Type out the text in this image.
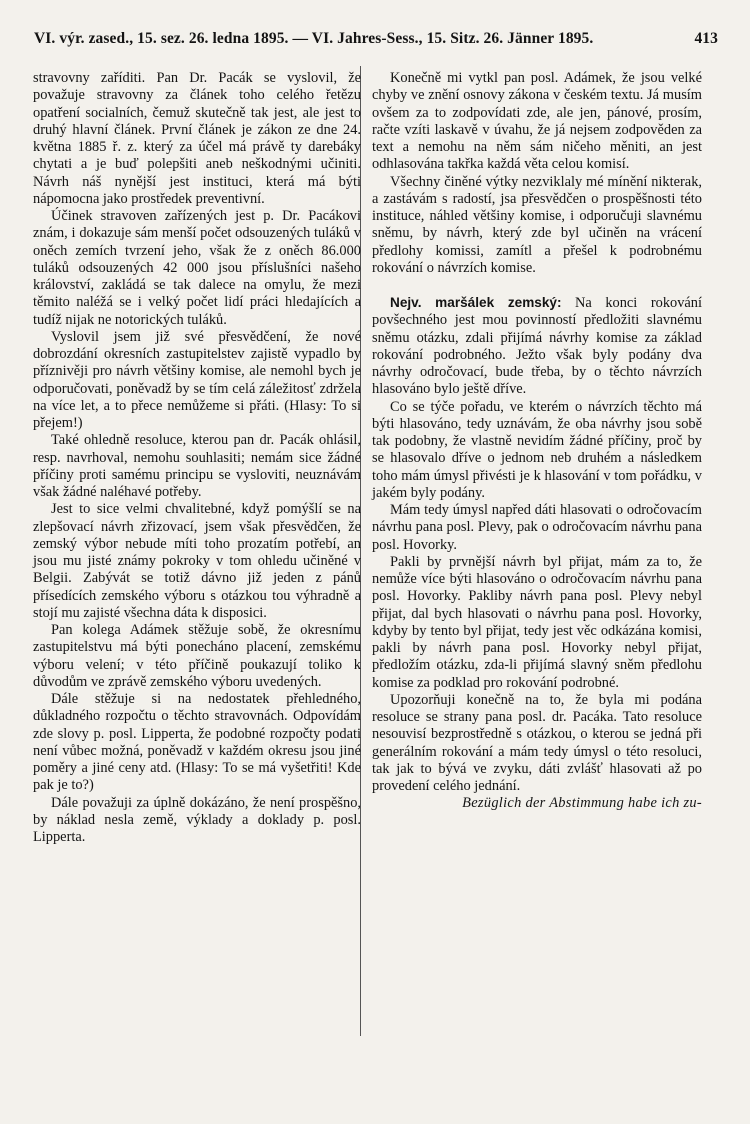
VI. výr. zased., 15. sez. 26. ledna 1895. — VI. Jahres-Sess., 15. Sitz. 26. Jänner 1895.	413

stravovny zaříditi. Pan Dr. Pacák se vyslovil, že považuje stravovny za článek toho celého řetězu opatření socialních, čemuž skutečně tak jest, ale jest to druhý hlavní článek. První článek je zákon ze dne 24. května 1885 ř. z. který za účel má právě ty darebáky chytati a je buď polepšiti aneb neškodnými učiniti. Návrh náš nynější jest instituci, která má býti nápomocna jako prostředek preventivní.

Účinek stravoven zařízených jest p. Dr. Pacákovi znám, i dokazuje sám menší počet odsouzených tuláků v oněch zemích tvrzení jeho, však že z oněch 86.000 tuláků odsouzených 42 000 jsou příslušníci našeho království, zakládá se tak dalece na omylu, že mezi těmito naléžá se i velký počet lidí práci hledajících a tudíž nijak ne notorických tuláků.

Vyslovil jsem již své přesvědčení, že nové dobrozdání okresních zastupitelstev zajistě vypadlo by příznivěji pro návrh většiny komise, ale nemohl bych je odporučovati, poněvadž by se tím celá záležitosť zdržela na více let, a to přece nemůžeme si přáti. (Hlasy: To si přejem!)

Také ohledně resoluce, kterou pan dr. Pacák ohlásil, resp. navrhoval, nemohu souhlasiti; nemám sice žádné příčiny proti samému principu se vysloviti, neuznávám však žádné naléhavé potřeby.

Jest to sice velmi chvalitebné, když pomýšlí se na zlepšovací návrh zřizovací, jsem však přesvědčen, že zemský výbor nebude míti toho prozatím potřebí, an jsou mu jisté známy pokroky v tom ohledu učiněné v Belgii. Zabývát se totiž dávno již jeden z pánů přísedících zemského výboru s otázkou tou výhradně a stojí mu zajisté všechna dáta k disposici.

Pan kolega Adámek stěžuje sobě, že okresnímu zastupitelstvu má býti ponecháno placení, zemskému výboru velení; v této příčině poukazují toliko k důvodům ve zprávě zemského výboru uvedených.

Dále stěžuje si na nedostatek přehledného, důkladného rozpočtu o těchto stravovnách. Odpovídám zde slovy p. posl. Lipperta, že podobné rozpočty podati není vůbec možná, poněvadž v každém okresu jsou jiné poměry a jiné ceny atd. (Hlasy: To se má vyšetřiti! Kde pak je to?)

Dále považuji za úplně dokázáno, že není prospěšno, by náklad nesla země, výklady a doklady p. posl. Lipperta.

Konečně mi vytkl pan posl. Adámek, že jsou velké chyby ve znění osnovy zákona v českém textu. Já musím ovšem za to zodpovídati zde, ale jen, pánové, prosím, račte vzíti laskavě v úvahu, že já nejsem zodpověden za text a nemohu na něm sám ničeho měniti, an jest odhlasována takřka každá věta celou komisí.

Všechny činěné výtky nezviklaly mé mínění nikterak, a zastávám s radostí, jsa přesvědčen o prospěšnosti této instituce, náhled většiny komise, i odporučuji slavnému sněmu, by návrh, který zde byl učiněn na vrácení předlohy komissi, zamítl a přešel k podrobnému rokování o návrzích komise.

Nejv. maršálek zemský: Na konci rokování povšechného jest mou povinností předložiti slavnému sněmu otázku, zdali přijímá návrhy komise za základ rokování podrobného. Ježto však byly podány dva návrhy odročovací, bude třeba, by o těchto návrzích hlasováno bylo ještě dříve.

Co se týče pořadu, ve kterém o návrzích těchto má býti hlasováno, tedy uznávám, že oba návrhy jsou sobě tak podobny, že vlastně nevidím žádné příčiny, proč by se hlasovalo dříve o jednom neb druhém a následkem toho mám úmysl přivésti je k hlasování v tom pořádku, v jakém byly podány.

Mám tedy úmysl napřed dáti hlasovati o odročovacím návrhu pana posl. Plevy, pak o odročovacím návrhu pana posl. Hovorky.

Pakli by prvnější návrh byl přijat, mám za to, že nemůže více býti hlasováno o odročovacím návrhu pana posl. Hovorky. Pakliby návrh pana posl. Plevy nebyl přijat, dal bych hlasovati o návrhu pana posl. Hovorky, kdyby by tento byl přijat, tedy jest věc odkázána komisi, pakli by návrh pana posl. Hovorky nebyl přijat, předložím otázku, zda-li přijímá slavný sněm předlohu komise za podklad pro rokování podrobné.

Upozorňuji konečně na to, že byla mi podána resoluce se strany pana posl. dr. Pacáka. Tato resoluce nesouvisí bezprostředně s otázkou, o kterou se jedná při generálním rokování a mám tedy úmysl o této resoluci, tak jak to bývá ve zvyku, dáti zvlášť hlasovati až po provedení celého jednání.

Bezüglich der Abstimmung habe ich zu-
